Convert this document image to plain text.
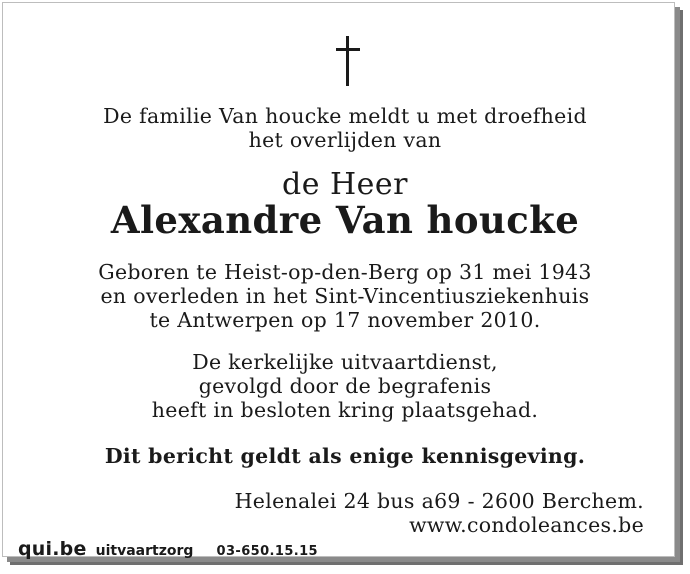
De familie Van houcke meldt u met droefheid
het overlijden van
de Heer
Alexandre Van houcke
Geboren te Heist-op-den-Berg op 31 mei 1943
en overleden in het Sint-Vincentiusziekenhuis
te Antwerpen op 17 november 2010.
De kerkelijke uitvaartdienst,
gevolgd door de begrafenis
heeft in besloten kring plaatsgehad.
Dit bericht geldt als enige kennisgeving.
Helenalei 24 bus a69 - 2600 Berchem.
www.condoleances.be
qui.be uitvaartzorg 03-650.15.15
